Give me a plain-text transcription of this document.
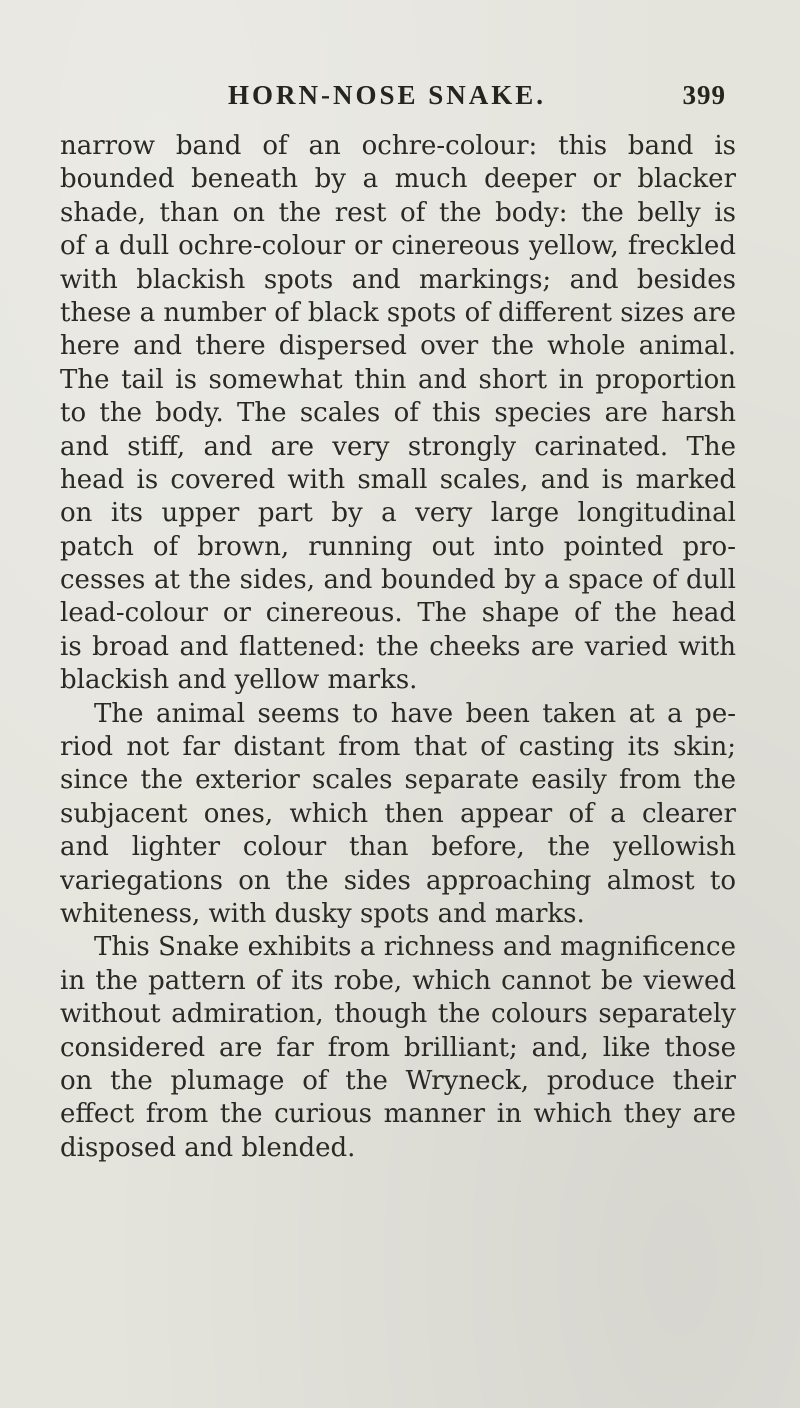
HORN-NOSE SNAKE.	399
narrow band of an ochre-colour: this band is
bounded beneath by a much deeper or blacker
shade, than on the rest of the body: the belly is
of a dull ochre-colour or cinereous yellow, freckled
with blackish spots and markings; and besides
these a number of black spots of different sizes are
here and there dispersed over the whole animal.
The tail is somewhat thin and short in proportion
to the body. The scales of this species are harsh
and stiff, and are very strongly carinated. The
head is covered with small scales, and is marked
on its upper part by a very large longitudinal
patch of brown, running out into pointed pro-
cesses at the sides, and bounded by a space of dull
lead-colour or cinereous. The shape of the head
is broad and flattened: the cheeks are varied with
blackish and yellow marks.
The animal seems to have been taken at a pe-
riod not far distant from that of casting its skin;
since the exterior scales separate easily from the
subjacent ones, which then appear of a clearer
and lighter colour than before, the yellowish
variegations on the sides approaching almost to
whiteness, with dusky spots and marks.
This Snake exhibits a richness and magnificence
in the pattern of its robe, which cannot be viewed
without admiration, though the colours separately
considered are far from brilliant; and, like those
on the plumage of the Wryneck, produce their
effect from the curious manner in which they are
disposed and blended.
